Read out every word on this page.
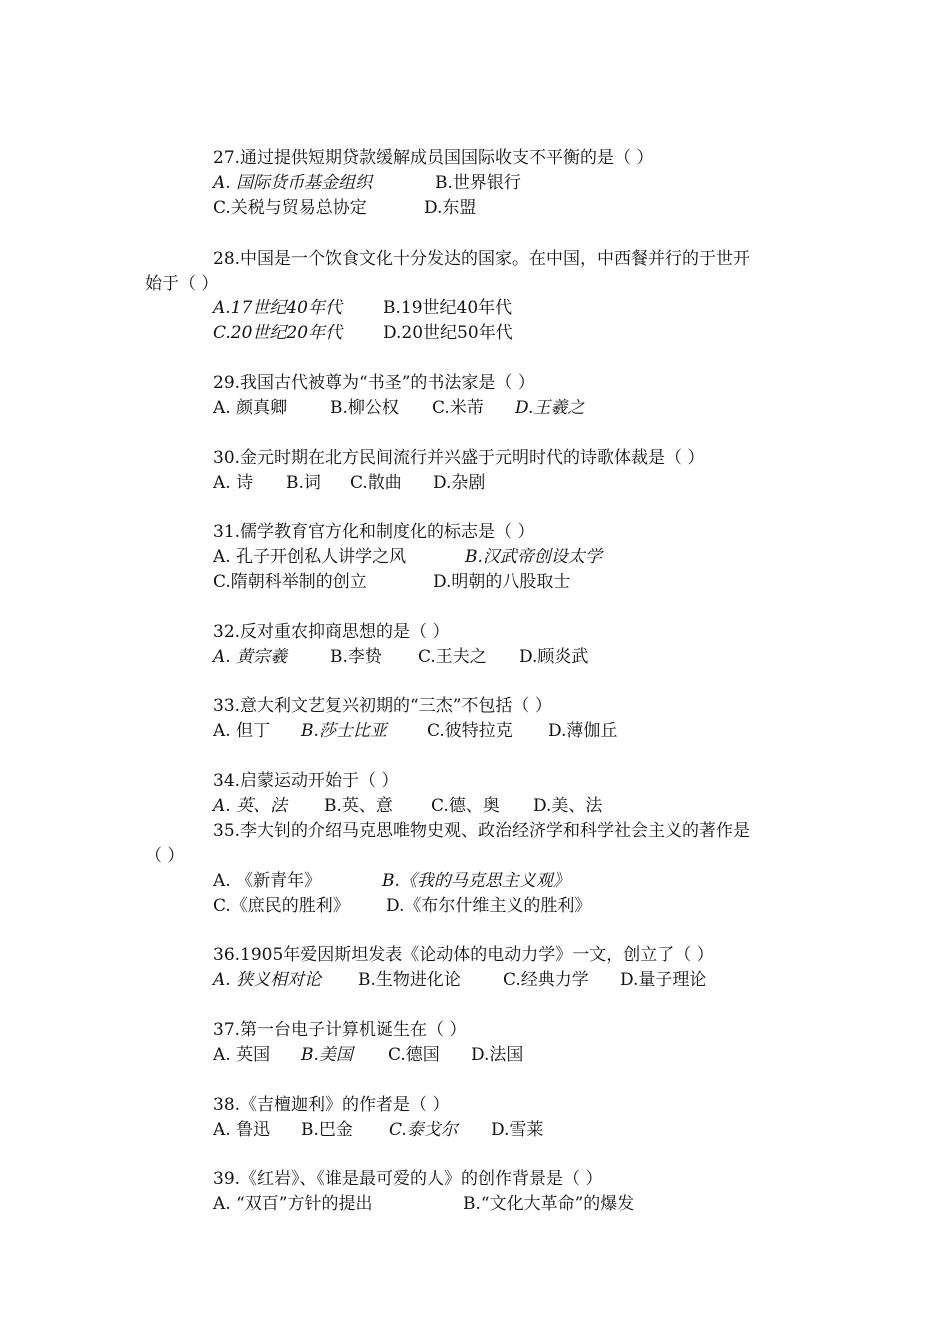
27.通过提供短期贷款缓解成员国国际收支不平衡的是（ ）
A. 国际货币基金组织	B.世界银行
C.关税与贸易总协定	D.东盟
28.中国是一个饮食文化十分发达的国家。在中国，中西餐并行的于世开
始于（ ）
A.17世纪40年代 B.19世纪40年代
C.20世纪20年代 D.20世纪50年代
29.我国古代被尊为“书圣”的书法家是（ ）
A. 颜真卿	B.柳公权 C.米芾 D.王羲之
30.金元时期在北方民间流行并兴盛于元明时代的诗歌体裁是（ ）
A. 诗 B.词 C.散曲 D.杂剧
31.儒学教育官方化和制度化的标志是（ ）
A. 孔子开创私人讲学之风	B.汉武帝创设太学
C.隋朝科举制的创立	D.明朝的八股取士
32.反对重农抑商思想的是（ ）
A. 黄宗羲	B.李贽 C.王夫之 D.顾炎武
33.意大利文艺复兴初期的“三杰”不包括（ ）
A. 但丁 B.莎士比亚 C.彼特拉克 D.薄伽丘
34.启蒙运动开始于（ ）
A. 英、法 B.英、意 C.德、奥 D.美、法
35.李大钊的介绍马克思唯物史观、政治经济学和科学社会主义的著作是
（ ）
A. 《新青年》	B.《我的马克思主义观》
C.《庶民的胜利》 D.《布尔什维主义的胜利》
36.1905年爱因斯坦发表《论动体的电动力学》一文，创立了（ ）
A. 狭义相对论 B.生物进化论 C.经典力学 D.量子理论
37.第一台电子计算机诞生在（ ）
A. 英国 B.美国 C.德国 D.法国
38.《吉檀迦利》的作者是（ ）
A. 鲁迅 B.巴金 C.泰戈尔 D.雪莱
39.《红岩》、《谁是最可爱的人》的创作背景是（ ）
A. “双百”方针的提出	B.“文化大革命”的爆发
